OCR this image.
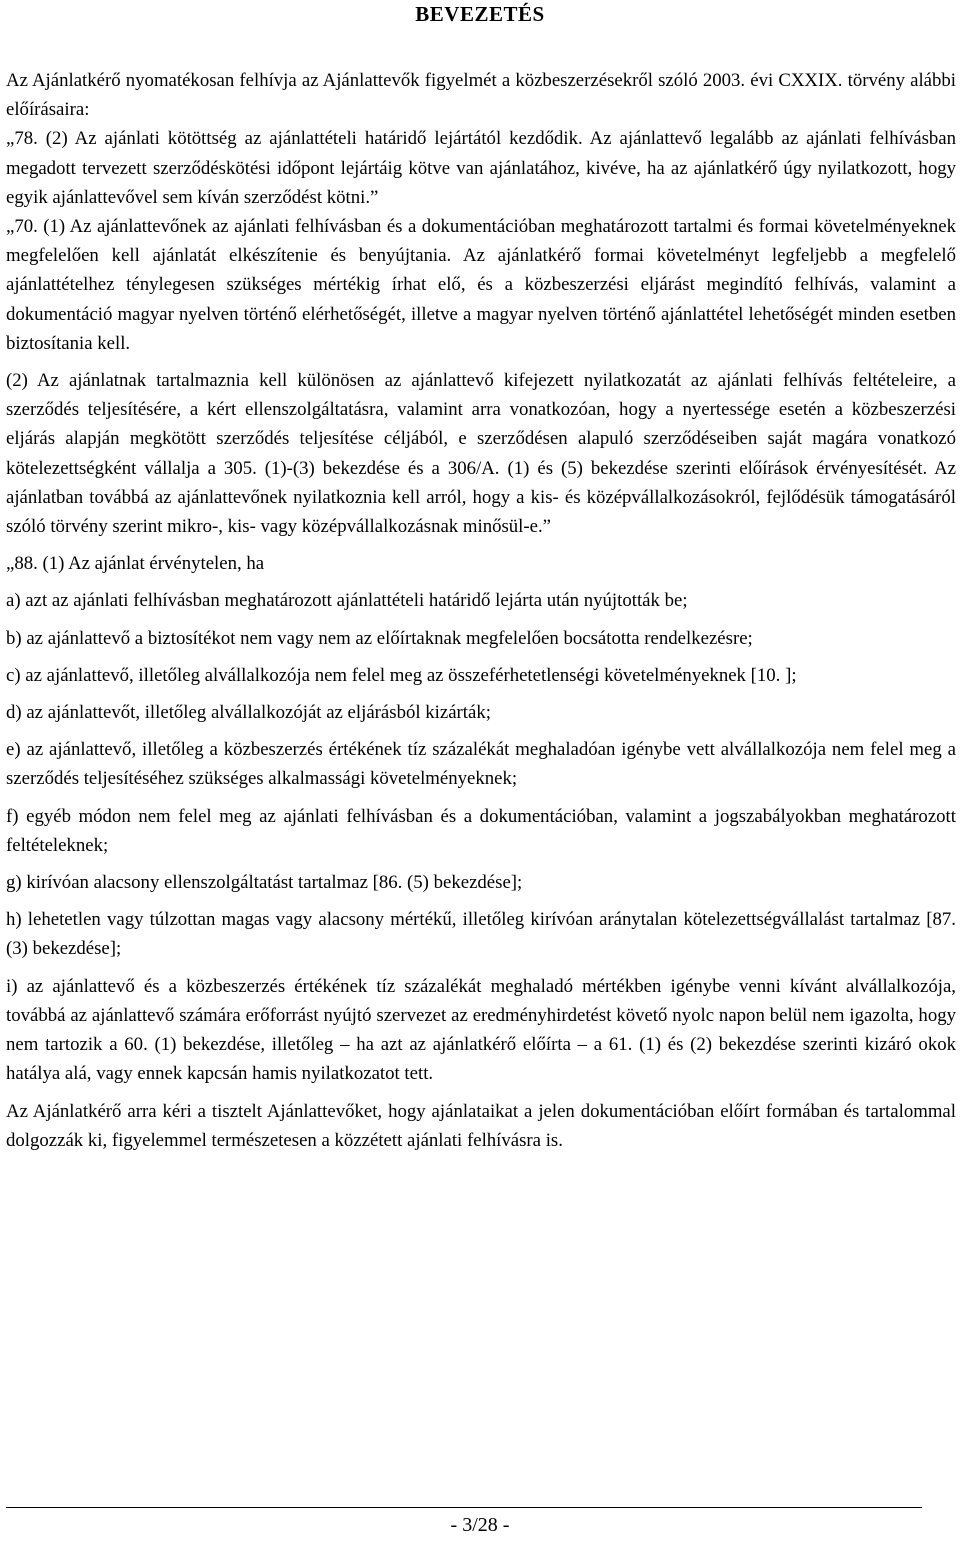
BEVEZETÉS

Az Ajánlatkérő nyomatékosan felhívja az Ajánlattevők figyelmét a közbeszerzésekről szóló 2003. évi CXXIX. törvény alábbi előírásaira:

„78. (2) Az ajánlati kötöttség az ajánlattételi határidő lejártától kezdődik. Az ajánlattevő legalább az ajánlati felhívásban megadott tervezett szerződéskötési időpont lejártáig kötve van ajánlatához, kivéve, ha az ajánlatkérő úgy nyilatkozott, hogy egyik ajánlattevővel sem kíván szerződést kötni.”

„70. (1) Az ajánlattevőnek az ajánlati felhívásban és a dokumentációban meghatározott tartalmi és formai követelményeknek megfelelően kell ajánlatát elkészítenie és benyújtania. Az ajánlatkérő formai követelményt legfeljebb a megfelelő ajánlattételhez ténylegesen szükséges mértékig írhat elő, és a közbeszerzési eljárást megindító felhívás, valamint a dokumentáció magyar nyelven történő elérhetőségét, illetve a magyar nyelven történő ajánlattétel lehetőségét minden esetben biztosítania kell.

(2) Az ajánlatnak tartalmaznia kell különösen az ajánlattevő kifejezett nyilatkozatát az ajánlati felhívás feltételeire, a szerződés teljesítésére, a kért ellenszolgáltatásra, valamint arra vonatkozóan, hogy a nyertessége esetén a közbeszerzési eljárás alapján megkötött szerződés teljesítése céljából, e szerződésen alapuló szerződéseiben saját magára vonatkozó kötelezettségként vállalja a 305. (1)-(3) bekezdése és a 306/A. (1) és (5) bekezdése szerinti előírások érvényesítését. Az ajánlatban továbbá az ajánlattevőnek nyilatkoznia kell arról, hogy a kis- és középvállalkozásokról, fejlődésük támogatásáról szóló törvény szerint mikro-, kis- vagy középvállalkozásnak minősül-e.”

„88. (1) Az ajánlat érvénytelen, ha

a) azt az ajánlati felhívásban meghatározott ajánlattételi határidő lejárta után nyújtották be;

b) az ajánlattevő a biztosítékot nem vagy nem az előírtaknak megfelelően bocsátotta rendelkezésre;

c) az ajánlattevő, illetőleg alvállalkozója nem felel meg az összeférhetetlenségi követelményeknek [10. ];

d) az ajánlattevőt, illetőleg alvállalkozóját az eljárásból kizárták;

e) az ajánlattevő, illetőleg a közbeszerzés értékének tíz százalékát meghaladóan igénybe vett alvállalkozója nem felel meg a szerződés teljesítéséhez szükséges alkalmassági követelményeknek;

f) egyéb módon nem felel meg az ajánlati felhívásban és a dokumentációban, valamint a jogszabályokban meghatározott feltételeknek;

g) kirívóan alacsony ellenszolgáltatást tartalmaz [86. (5) bekezdése];

h) lehetetlen vagy túlzottan magas vagy alacsony mértékű, illetőleg kirívóan aránytalan kötelezettségvállalást tartalmaz [87. (3) bekezdése];

i) az ajánlattevő és a közbeszerzés értékének tíz százalékát meghaladó mértékben igénybe venni kívánt alvállalkozója, továbbá az ajánlattevő számára erőforrást nyújtó szervezet az eredményhirdetést követő nyolc napon belül nem igazolta, hogy nem tartozik a 60. (1) bekezdése, illetőleg – ha azt az ajánlatkérő előírta – a 61. (1) és (2) bekezdése szerinti kizáró okok hatálya alá, vagy ennek kapcsán hamis nyilatkozatot tett.

Az Ajánlatkérő arra kéri a tisztelt Ajánlattevőket, hogy ajánlataikat a jelen dokumentációban előírt formában és tartalommal dolgozzák ki, figyelemmel természetesen a közzétett ajánlati felhívásra is.

- 3/28 -
